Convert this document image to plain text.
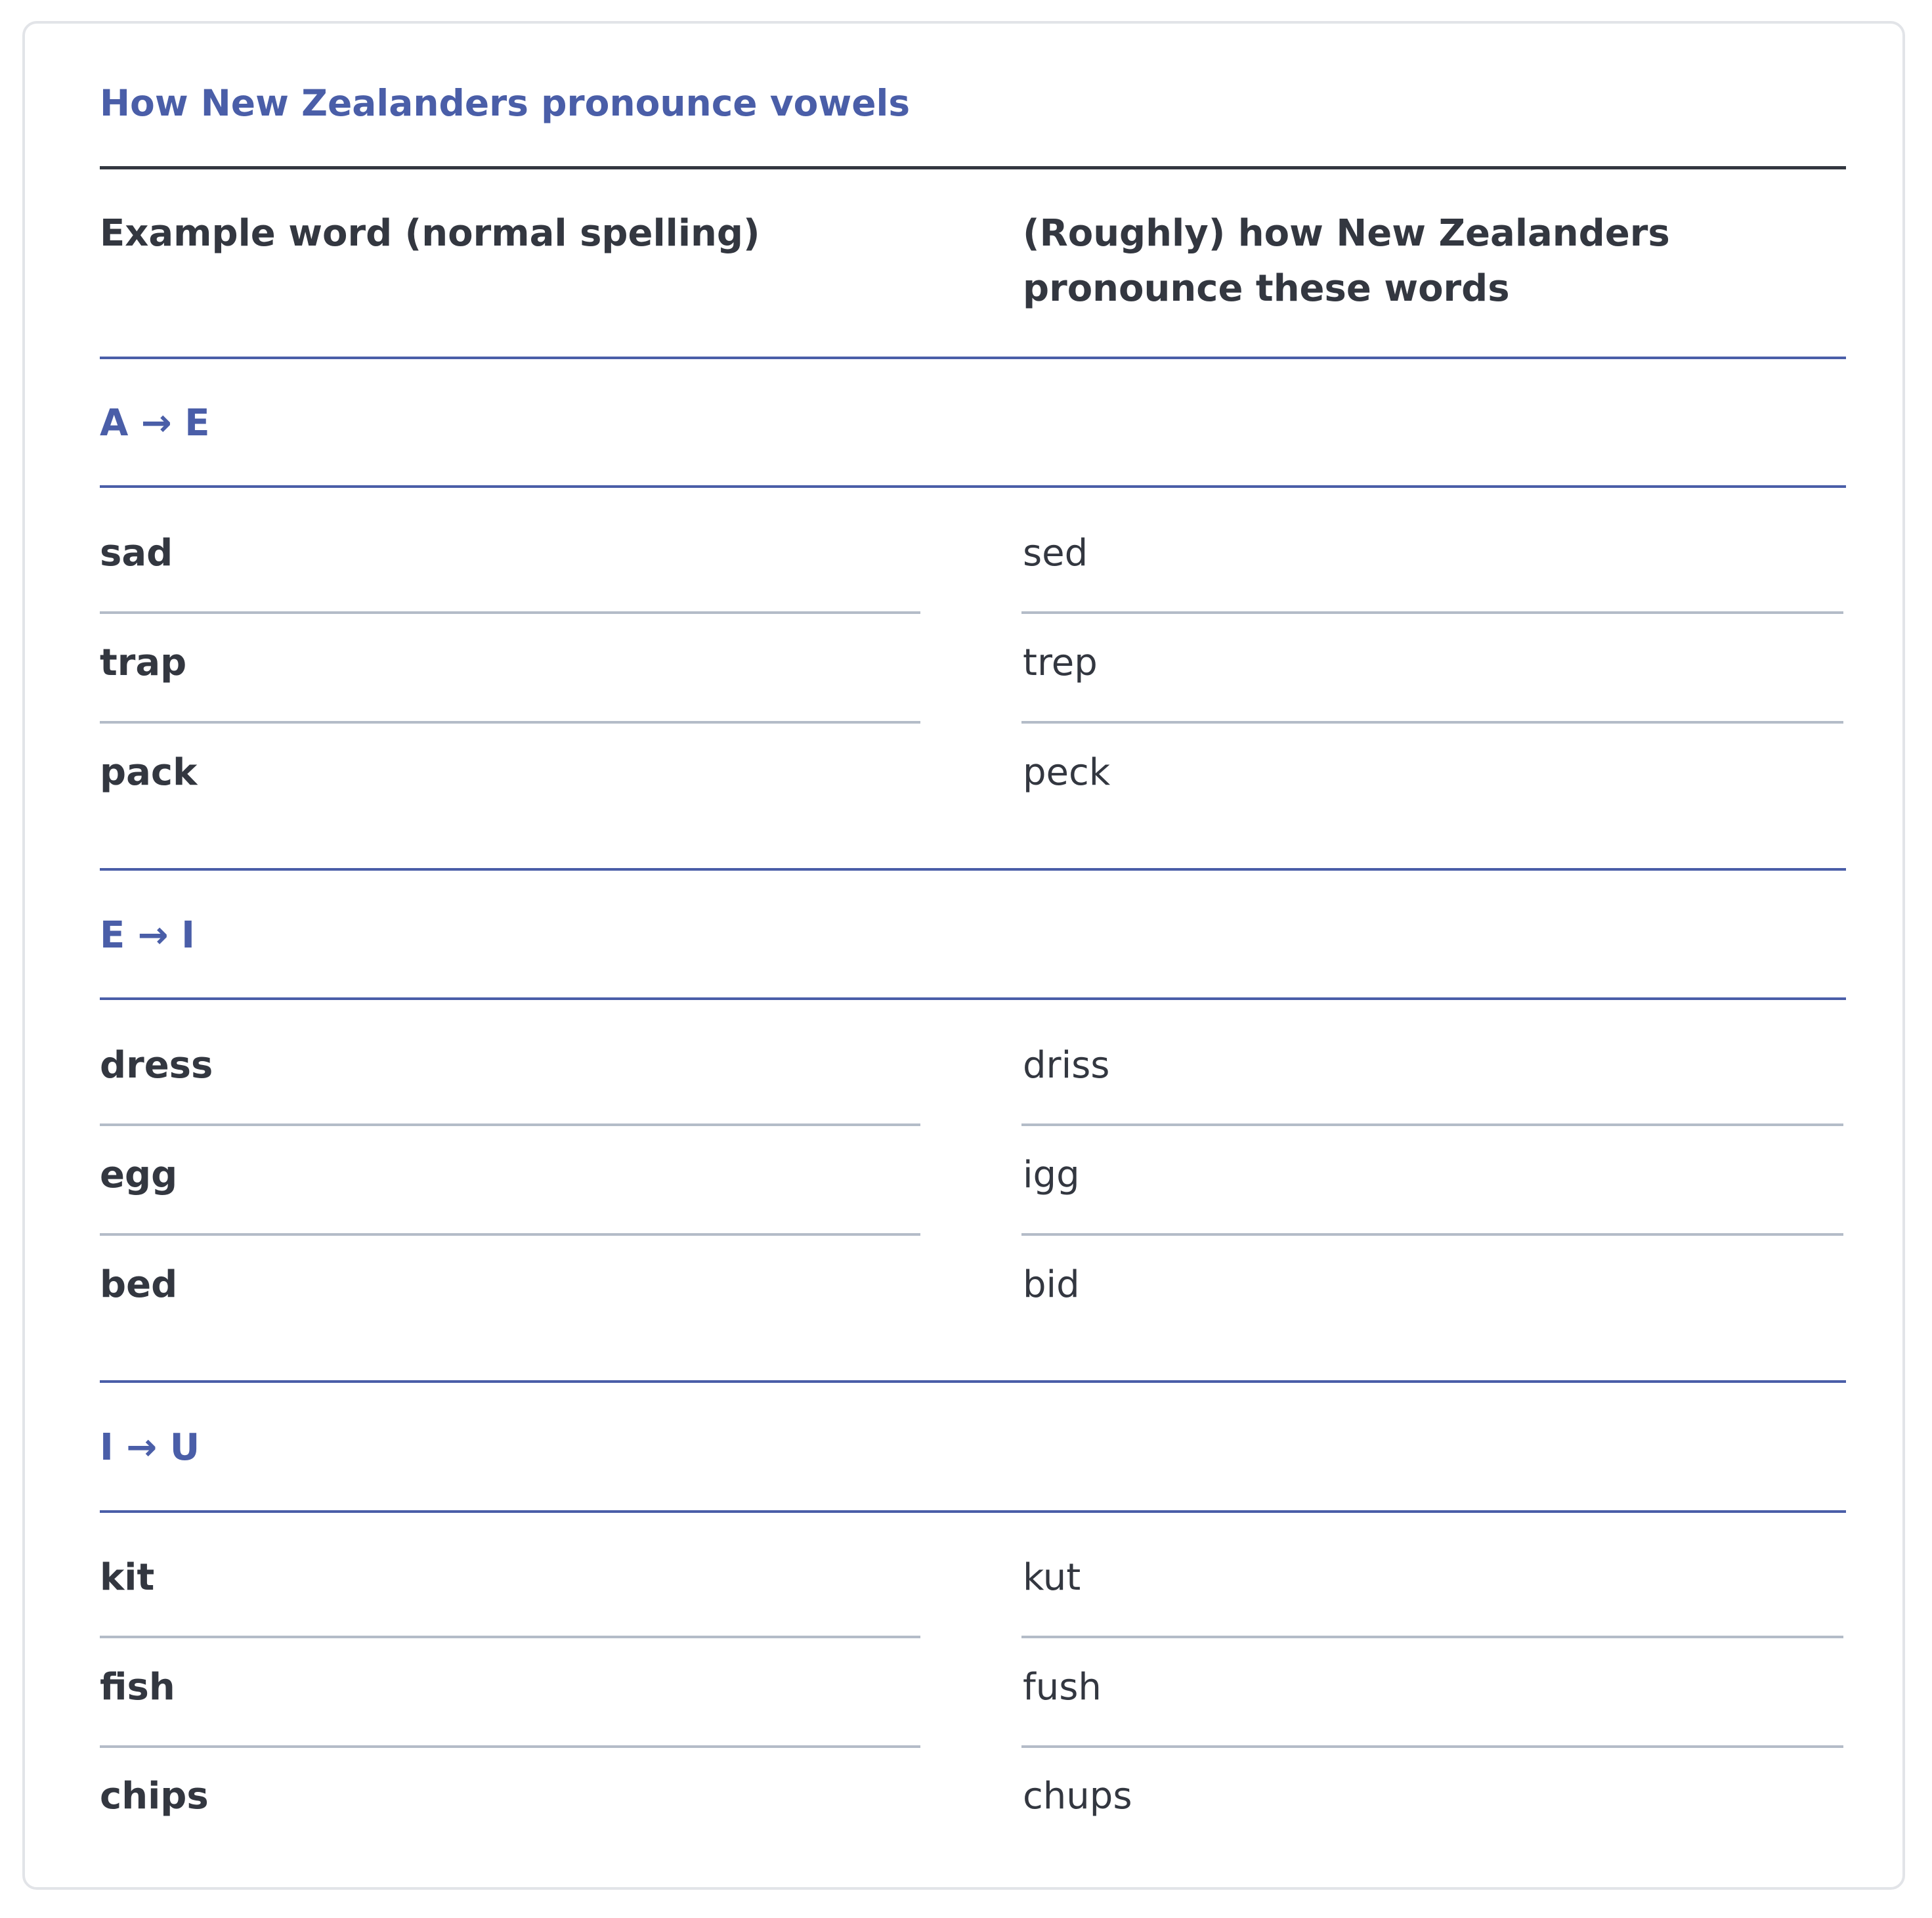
How New Zealanders pronounce vowels
Example word (normal spelling)	(Roughly) how New Zealanders pronounce these words
A → E
sad	sed
trap	trep
pack	peck
E → I
dress	driss
egg	igg
bed	bid
I → U
kit	kut
fish	fush
chips	chups
